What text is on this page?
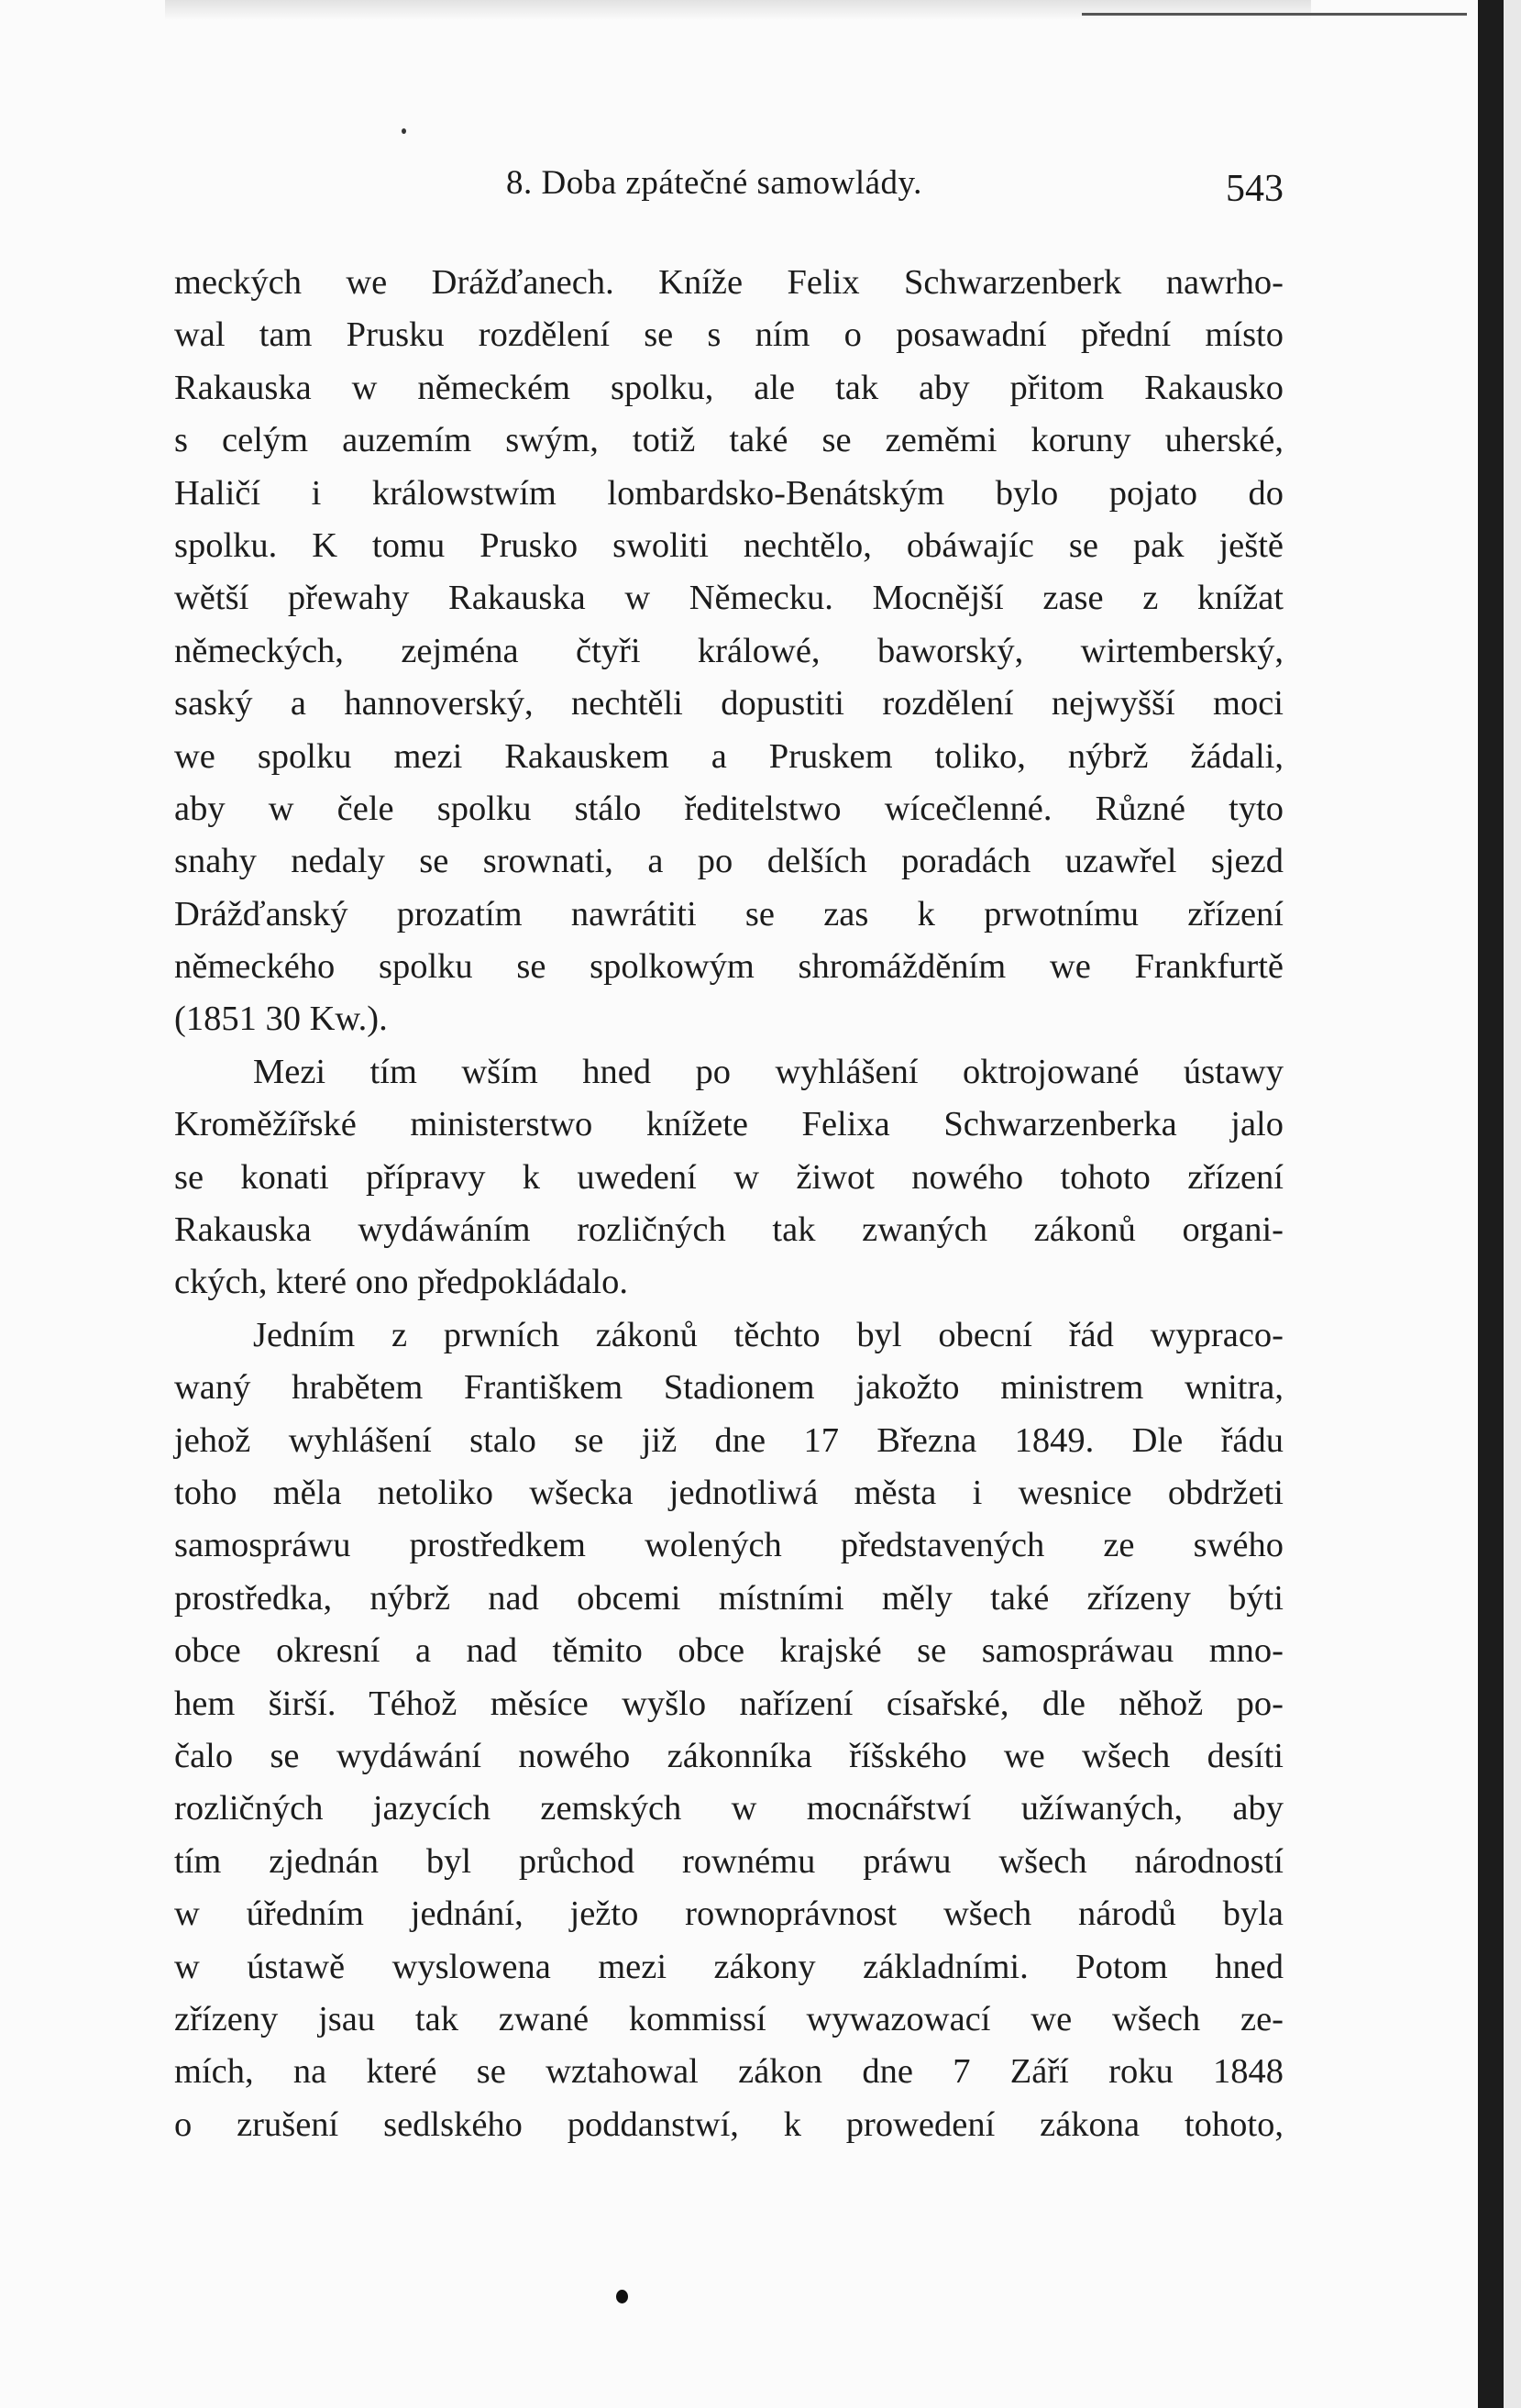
8. Doba zpátečné samowlády.	543
meckých we Drážďanech. Kníže Felix Schwarzenberk nawrho-
wal tam Prusku rozdělení se s ním o posawadní přední místo
Rakauska w německém spolku, ale tak aby přitom Rakausko
s celým auzemím swým, totiž také se zeměmi koruny uherské,
Haličí i králowstwím lombardsko-Benátským bylo pojato do
spolku. K tomu Prusko swoliti nechtělo, obáwajíc se pak ještě
wětší přewahy Rakauska w Německu. Mocnější zase z knížat
německých, zejména čtyři králowé, baworský, wirtemberský,
saský a hannoverský, nechtěli dopustiti rozdělení nejwyšší moci
we spolku mezi Rakauskem a Pruskem toliko, nýbrž žádali,
aby w čele spolku stálo ředitelstwo wícečlenné. Různé tyto
snahy nedaly se srownati, a po delších poradách uzawřel sjezd
Drážďanský prozatím nawrátiti se zas k prwotnímu zřízení
německého spolku se spolkowým shromážděním we Frankfurtě
(1851 30 Kw.).
Mezi tím wším hned po wyhlášení oktrojowané ústawy
Kroměžířské ministerstwo knížete Felixa Schwarzenberka jalo
se konati přípravy k uwedení w žiwot nowého tohoto zřízení
Rakauska wydáwáním rozličných tak zwaných zákonů organi-
ckých, které ono předpokládalo.
Jedním z prwních zákonů těchto byl obecní řád wypraco-
waný hrabětem Františkem Stadionem jakožto ministrem wnitra,
jehož wyhlášení stalo se již dne 17 Března 1849. Dle řádu
toho měla netoliko wšecka jednotliwá města i wesnice obdržeti
samospráwu prostředkem wolených představených ze swého
prostředka, nýbrž nad obcemi místními měly také zřízeny býti
obce okresní a nad těmito obce krajské se samospráwau mno-
hem širší. Téhož měsíce wyšlo nařízení císařské, dle něhož po-
čalo se wydáwání nowého zákonníka říšského we wšech desíti
rozličných jazycích zemských w mocnářstwí užíwaných, aby
tím zjednán byl průchod rownému práwu wšech národností
w úředním jednání, ježto rownoprávnost wšech národů byla
w ústawě wyslowena mezi zákony základními. Potom hned
zřízeny jsau tak zwané kommissí wywazowací we wšech ze-
mích, na které se wztahowal zákon dne 7 Září roku 1848
o zrušení sedlského poddanstwí, k prowedení zákona tohoto,
